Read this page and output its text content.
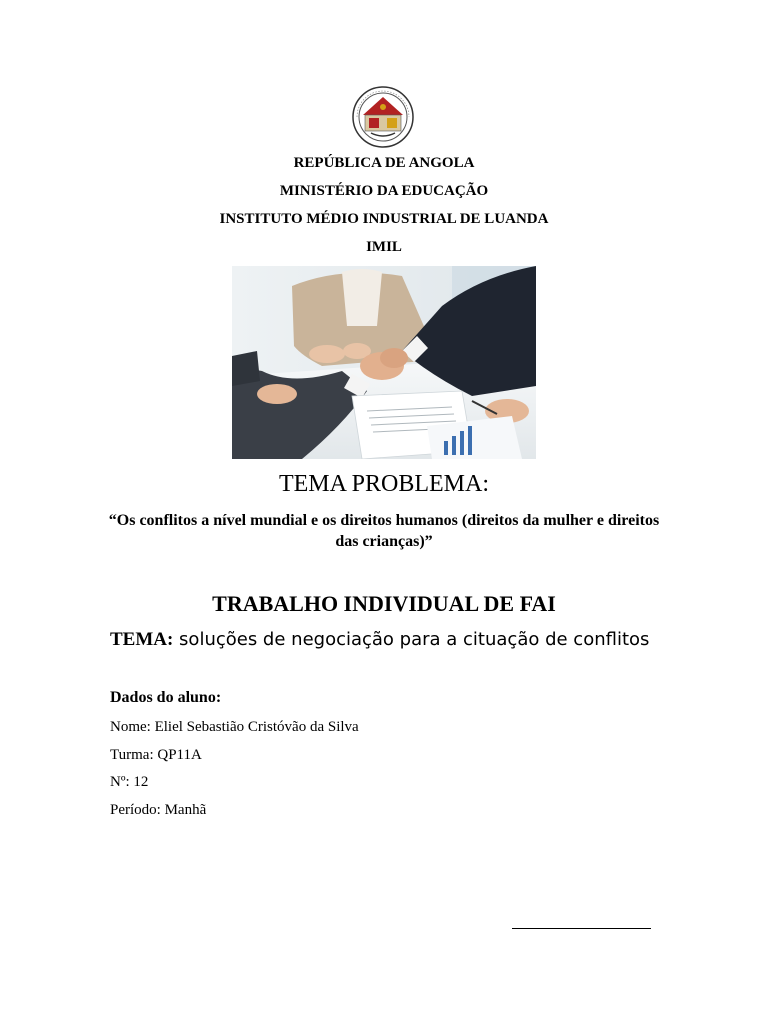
REPÚBLICA DE ANGOLA
MINISTÉRIO DA EDUCAÇÃO
INSTITUTO MÉDIO INDUSTRIAL DE LUANDA
IMIL
TEMA PROBLEMA:
“Os conflitos a nível mundial e os direitos humanos (direitos da mulher e direitos das crianças)”
TRABALHO INDIVIDUAL DE FAI
TEMA: soluções de negociação para a cituação de conflitos
Dados do aluno:
Nome: Eliel Sebastião Cristóvão da Silva
Turma: QP11A
Nº: 12
Período: Manhã
